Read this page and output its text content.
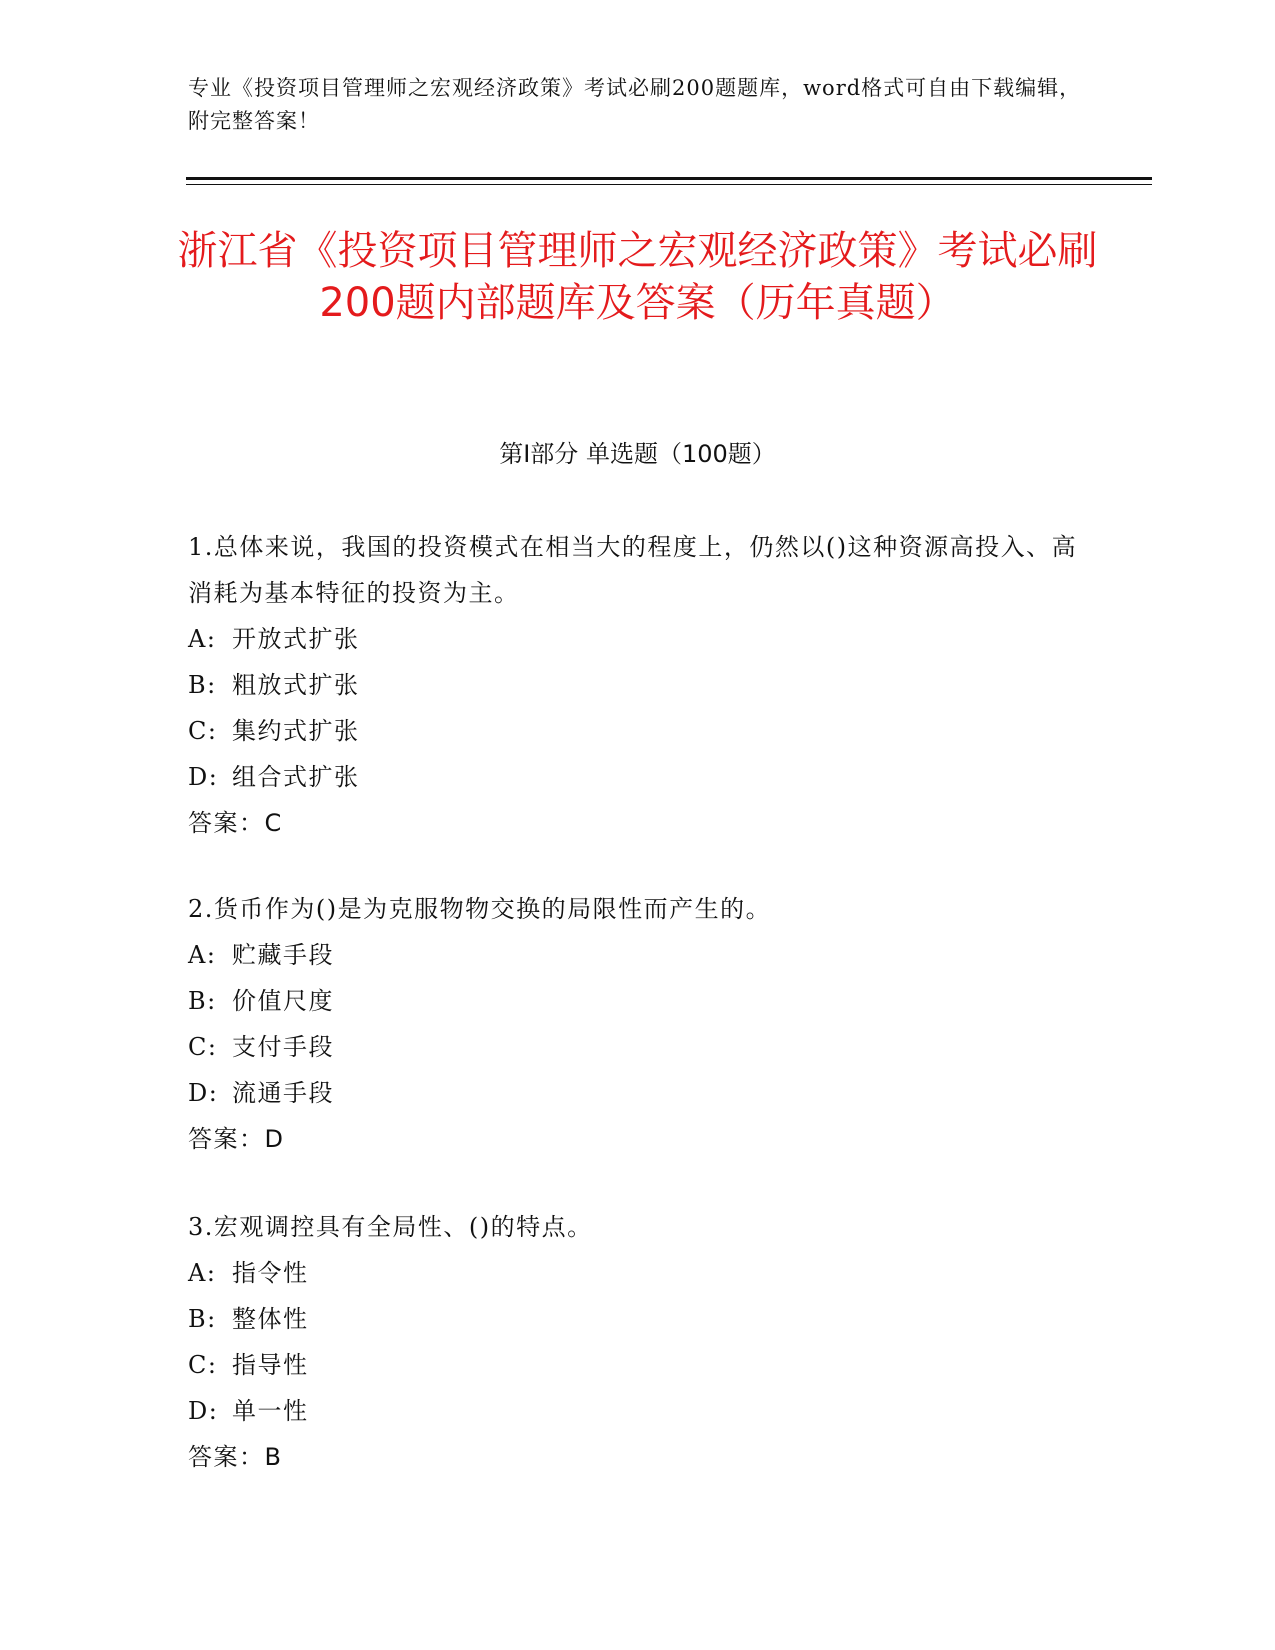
专业《投资项目管理师之宏观经济政策》考试必刷200题题库，word格式可自由下载编辑，附完整答案！
浙江省《投资项目管理师之宏观经济政策》考试必刷200题内部题库及答案（历年真题）
第I部分 单选题（100题）
1.总体来说，我国的投资模式在相当大的程度上，仍然以()这种资源高投入、高消耗为基本特征的投资为主。
A: 开放式扩张
B: 粗放式扩张
C: 集约式扩张
D: 组合式扩张
答案：C
2.货币作为()是为克服物物交换的局限性而产生的。
A: 贮藏手段
B: 价值尺度
C: 支付手段
D: 流通手段
答案：D
3.宏观调控具有全局性、()的特点。
A: 指令性
B: 整体性
C: 指导性
D: 单一性
答案：B
